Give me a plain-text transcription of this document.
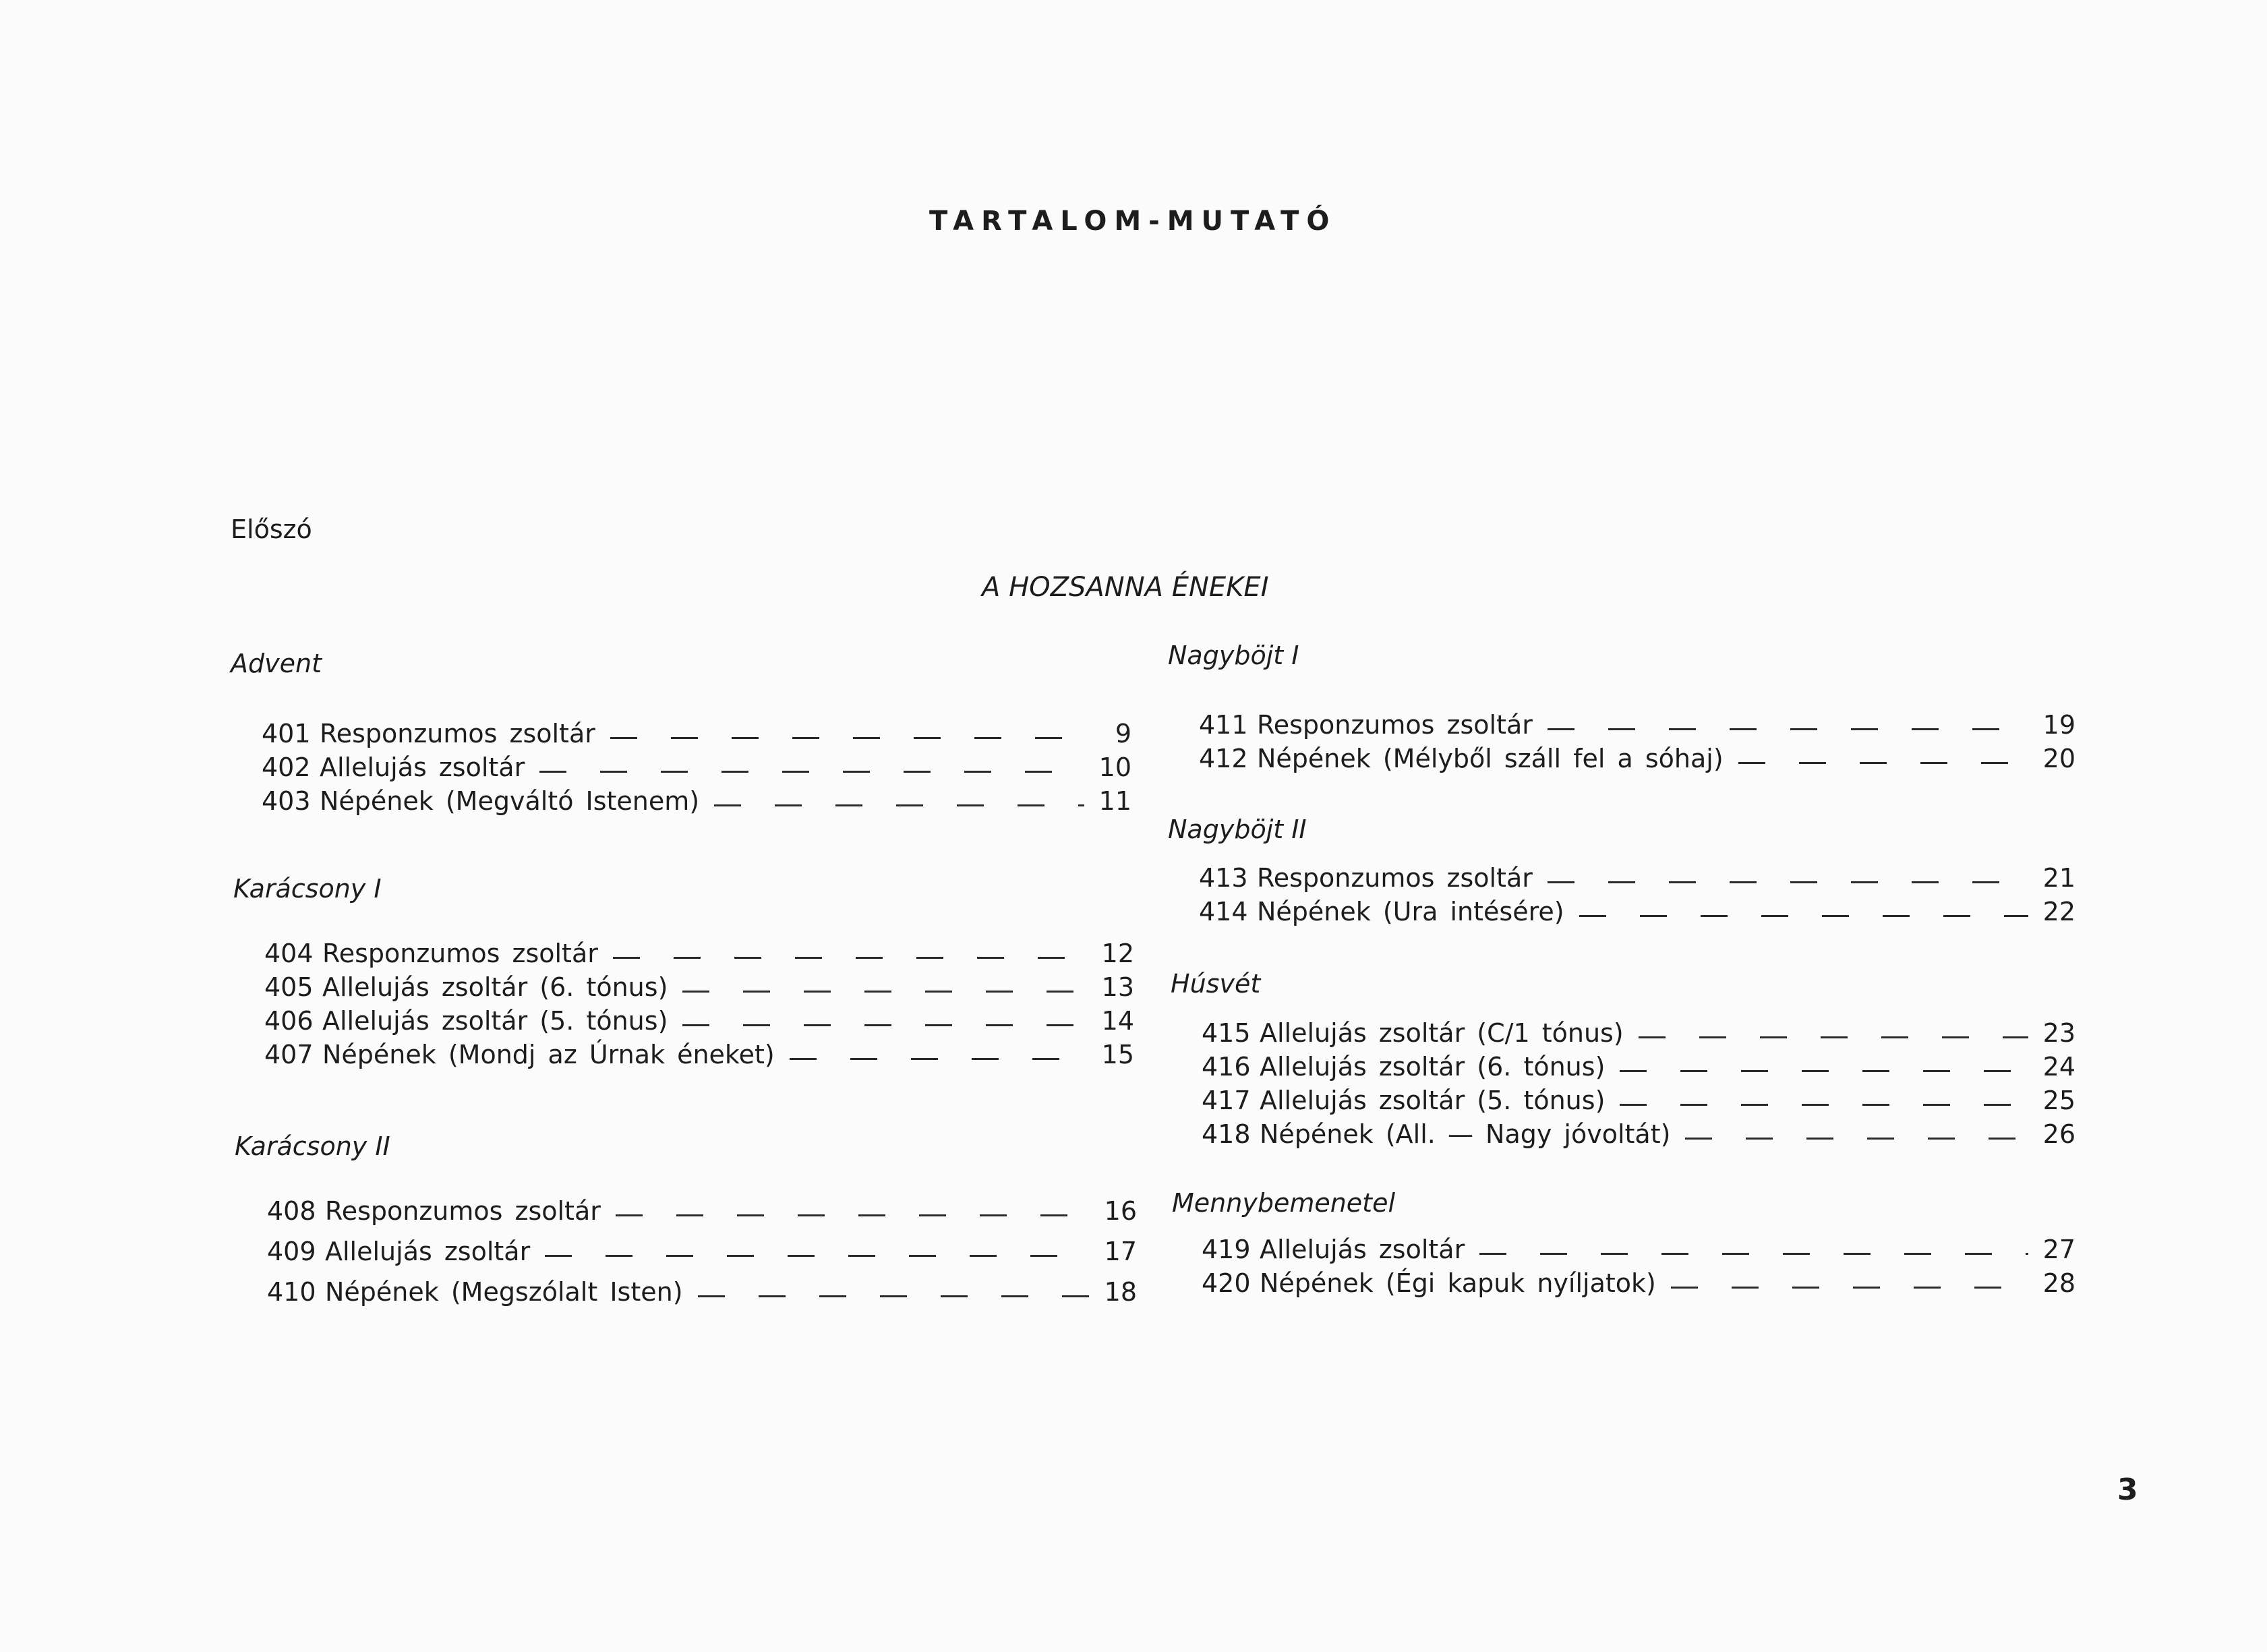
TARTALOM-MUTATÓ
Előszó
A HOZSANNA ÉNEKEI
Advent
401 Responzumos zsoltár	9
402 Allelujás zsoltár	10
403 Népének (Megváltó Istenem)	11
Karácsony I
404 Responzumos zsoltár	12
405 Allelujás zsoltár (6. tónus)	13
406 Allelujás zsoltár (5. tónus)	14
407 Népének (Mondj az Úrnak éneket)	15
Karácsony II
408 Responzumos zsoltár	16
409 Allelujás zsoltár	17
410 Népének (Megszólalt Isten)	18
Nagyböjt I
411 Responzumos zsoltár	19
412 Népének (Mélyből száll fel a sóhaj)	20
Nagyböjt II
413 Responzumos zsoltár	21
414 Népének (Ura intésére)	22
Húsvét
415 Allelujás zsoltár (C/1 tónus)	23
416 Allelujás zsoltár (6. tónus)	24
417 Allelujás zsoltár (5. tónus)	25
418 Népének (All. — Nagy jóvoltát)	26
Mennybemenetel
419 Allelujás zsoltár	27
420 Népének (Égi kapuk nyíljatok)	28
3
